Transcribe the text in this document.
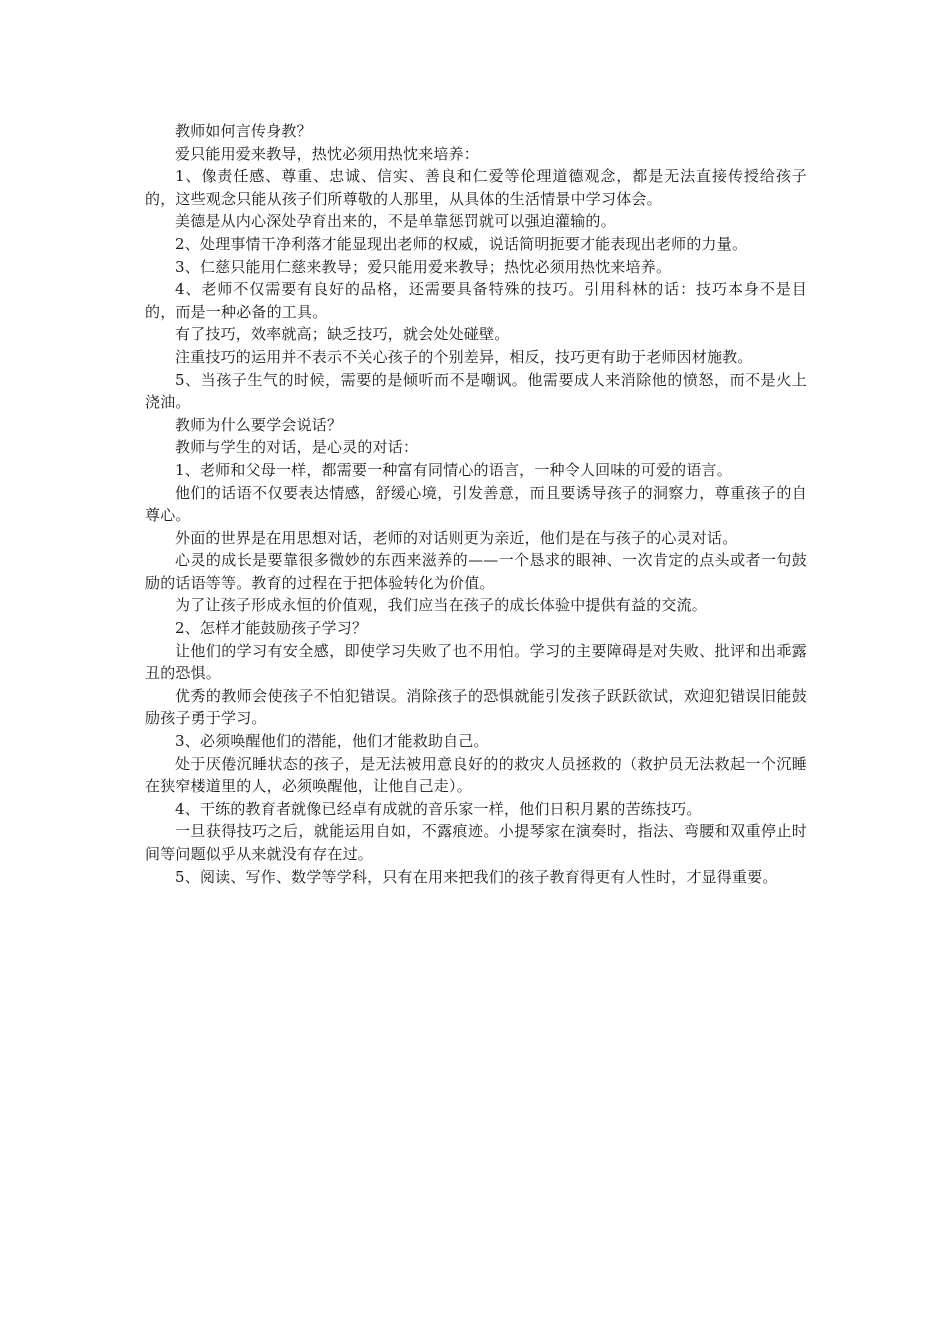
教师如何言传身教？

爱只能用爱来教导，热忱必须用热忱来培养：

1、像责任感、尊重、忠诚、信实、善良和仁爱等伦理道德观念，都是无法直接传授给孩子的，这些观念只能从孩子们所尊敬的人那里，从具体的生活情景中学习体会。

美德是从内心深处孕育出来的，不是单靠惩罚就可以强迫灌输的。

2、处理事情干净利落才能显现出老师的权威，说话简明扼要才能表现出老师的力量。

3、仁慈只能用仁慈来教导；爱只能用爱来教导；热忱必须用热忱来培养。

4、老师不仅需要有良好的品格，还需要具备特殊的技巧。引用科林的话：技巧本身不是目的，而是一种必备的工具。

有了技巧，效率就高；缺乏技巧，就会处处碰壁。

注重技巧的运用并不表示不关心孩子的个别差异，相反，技巧更有助于老师因材施教。

5、当孩子生气的时候，需要的是倾听而不是嘲讽。他需要成人来消除他的愤怒，而不是火上浇油。

教师为什么要学会说话？

教师与学生的对话，是心灵的对话：

1、老师和父母一样，都需要一种富有同情心的语言，一种令人回味的可爱的语言。

他们的话语不仅要表达情感，舒缓心境，引发善意，而且要诱导孩子的洞察力，尊重孩子的自尊心。

外面的世界是在用思想对话，老师的对话则更为亲近，他们是在与孩子的心灵对话。

心灵的成长是要靠很多微妙的东西来滋养的——一个恳求的眼神、一次肯定的点头或者一句鼓励的话语等等。教育的过程在于把体验转化为价值。

为了让孩子形成永恒的价值观，我们应当在孩子的成长体验中提供有益的交流。

2、怎样才能鼓励孩子学习？

让他们的学习有安全感，即使学习失败了也不用怕。学习的主要障碍是对失败、批评和出乖露丑的恐惧。

优秀的教师会使孩子不怕犯错误。消除孩子的恐惧就能引发孩子跃跃欲试，欢迎犯错误旧能鼓励孩子勇于学习。

3、必须唤醒他们的潜能，他们才能救助自己。

处于厌倦沉睡状态的孩子，是无法被用意良好的的救灾人员拯救的（救护员无法救起一个沉睡在狭窄楼道里的人，必须唤醒他，让他自己走）。

4、干练的教育者就像已经卓有成就的音乐家一样，他们日积月累的苦练技巧。

一旦获得技巧之后，就能运用自如，不露痕迹。小提琴家在演奏时，指法、弯腰和双重停止时间等问题似乎从来就没有存在过。

5、阅读、写作、数学等学科，只有在用来把我们的孩子教育得更有人性时，才显得重要。
